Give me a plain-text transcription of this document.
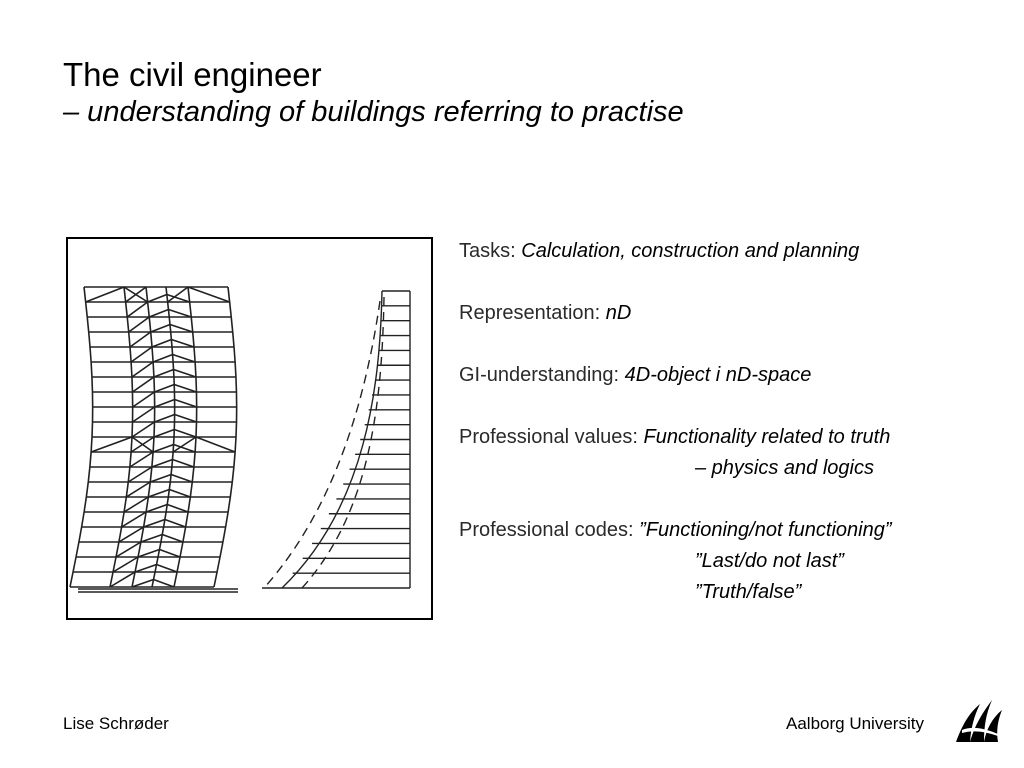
The civil engineer
– understanding of buildings referring to practise
Tasks: Calculation, construction and planning
Representation: nD
GI-understanding: 4D-object i nD-space
Professional values: Functionality related to truth
– physics and logics
Professional codes: ”Functioning/not functioning”
”Last/do not last”
”Truth/false”
Lise Schrøder	Aalborg University
